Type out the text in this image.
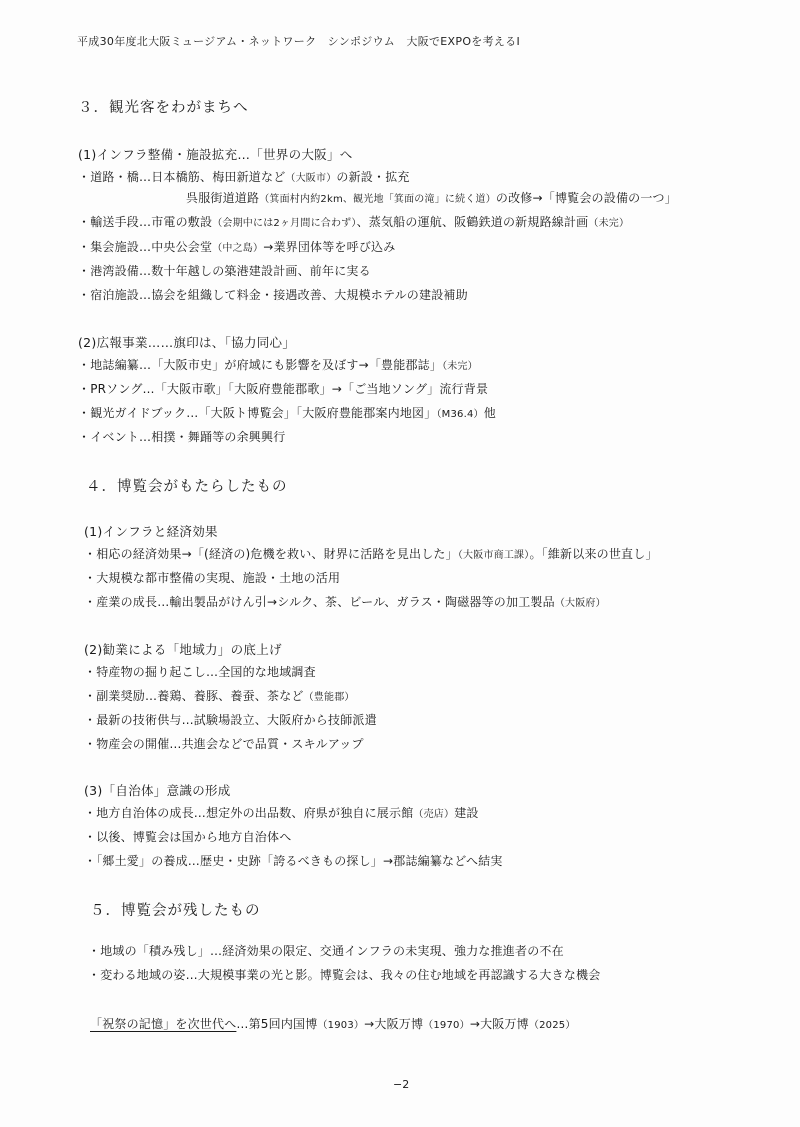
平成30年度北大阪ミュージアム・ネットワーク　シンポジウム　大阪でEXPOを考えるⅠ
３．観光客をわがまちへ
(1)インフラ整備・施設拡充…「世界の大阪」へ
・道路・橋…日本橋筋、梅田新道など（大阪市）の新設・拡充
呉服街道道路（箕面村内約2km、観光地「箕面の滝」に続く道）の改修→「博覧会の設備の一つ」
・輸送手段…市電の敷設（会期中には2ヶ月間に合わず）、蒸気船の運航、阪鶴鉄道の新規路線計画（未完）
・集会施設…中央公会堂（中之島）→業界団体等を呼び込み
・港湾設備…数十年越しの築港建設計画、前年に実る
・宿泊施設…協会を組織して料金・接遇改善、大規模ホテルの建設補助
(2)広報事業……旗印は、「協力同心」
・地誌編纂…「大阪市史」が府域にも影響を及ぼす→「豊能郡誌」（未完）
・PRソング…「大阪市歌」「大阪府豊能郡歌」→「ご当地ソング」流行背景
・観光ガイドブック…「大阪ト博覧会」「大阪府豊能郡案内地図」（M36.4）他
・イベント…相撲・舞踊等の余興興行
４．博覧会がもたらしたもの
(1)インフラと経済効果
・相応の経済効果→「(経済の)危機を救い、財界に活路を見出した」（大阪市商工課）。「維新以来の世直し」
・大規模な都市整備の実現、施設・土地の活用
・産業の成長…輸出製品がけん引→シルク、茶、ビール、ガラス・陶磁器等の加工製品（大阪府）
(2)勧業による「地域力」の底上げ
・特産物の掘り起こし…全国的な地域調査
・副業奨励…養鶏、養豚、養蚕、茶など（豊能郡）
・最新の技術供与…試験場設立、大阪府から技師派遣
・物産会の開催…共進会などで品質・スキルアップ
(3)「自治体」意識の形成
・地方自治体の成長…想定外の出品数、府県が独自に展示館（売店）建設
・以後、博覧会は国から地方自治体へ
・「郷土愛」の養成…歴史・史跡「誇るべきもの探し」→郡誌編纂などへ結実
５．博覧会が残したもの
・地域の「積み残し」…経済効果の限定、交通インフラの未実現、強力な推進者の不在
・変わる地域の姿…大規模事業の光と影。博覧会は、我々の住む地域を再認識する大きな機会
「祝祭の記憶」を次世代へ…第5回内国博（1903）→大阪万博（1970）→大阪万博（2025）
−2
